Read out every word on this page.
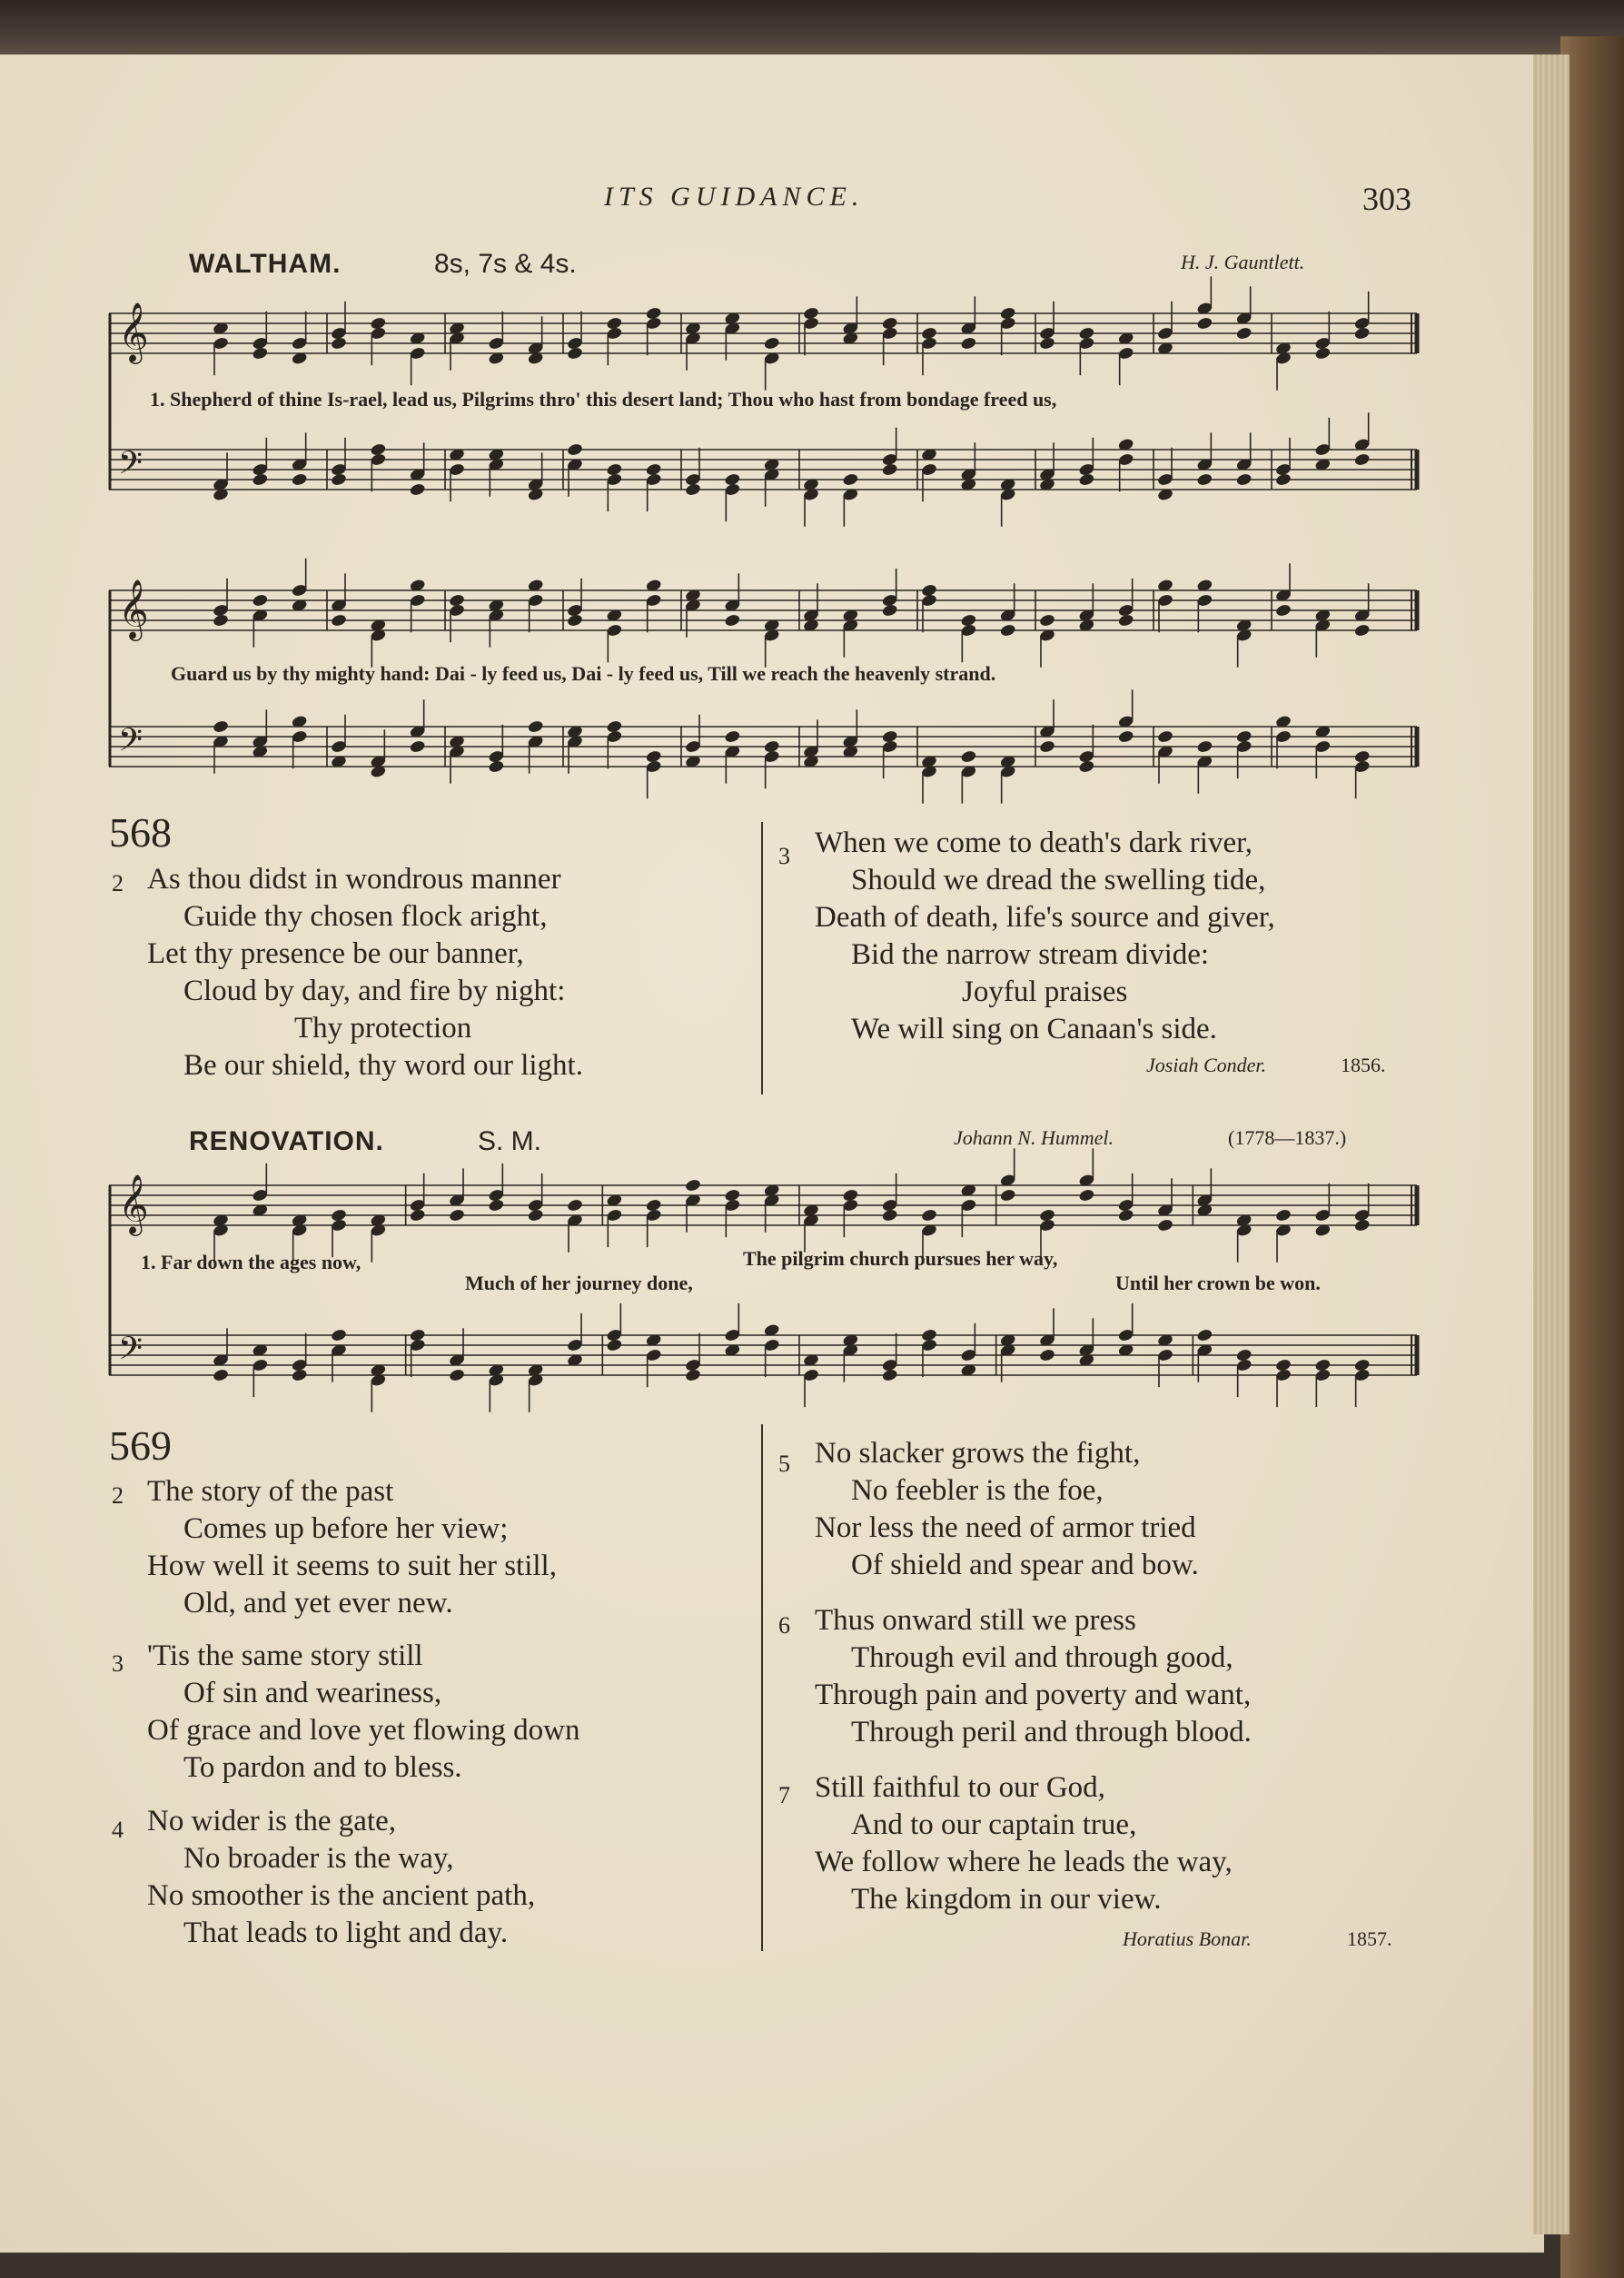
ITS GUIDANCE.	303
WALTHAM.	8s, 7s & 4s.	H. J. Gauntlett.
𝄞
𝄢
1. Shepherd of thine Is-rael, lead us, Pilgrims thro' this desert land; Thou who hast from bondage freed us,
𝄞
𝄢
Guard us by thy mighty hand: Dai - ly feed us, Dai - ly feed us, Till we reach the heavenly strand.
568
2 As thou didst in wondrous manner
Guide thy chosen flock aright,
Let thy presence be our banner,
Cloud by day, and fire by night:
Thy protection
Be our shield, thy word our light.
3 When we come to death's dark river,
Should we dread the swelling tide,
Death of death, life's source and giver,
Bid the narrow stream divide:
Joyful praises
We will sing on Canaan's side.
Josiah Conder.	1856.
RENOVATION.	S. M.	Johann N. Hummel.	(1778—1837.)
𝄞
𝄢
1. Far down the ages now,
Much of her journey done,
The pilgrim church pursues her way,
Until her crown be won.
569
2 The story of the past
Comes up before her view;
How well it seems to suit her still,
Old, and yet ever new.
3 'Tis the same story still
Of sin and weariness,
Of grace and love yet flowing down
To pardon and to bless.
4 No wider is the gate,
No broader is the way,
No smoother is the ancient path,
That leads to light and day.
5 No slacker grows the fight,
No feebler is the foe,
Nor less the need of armor tried
Of shield and spear and bow.
6 Thus onward still we press
Through evil and through good,
Through pain and poverty and want,
Through peril and through blood.
7 Still faithful to our God,
And to our captain true,
We follow where he leads the way,
The kingdom in our view.
Horatius Bonar.	1857.
